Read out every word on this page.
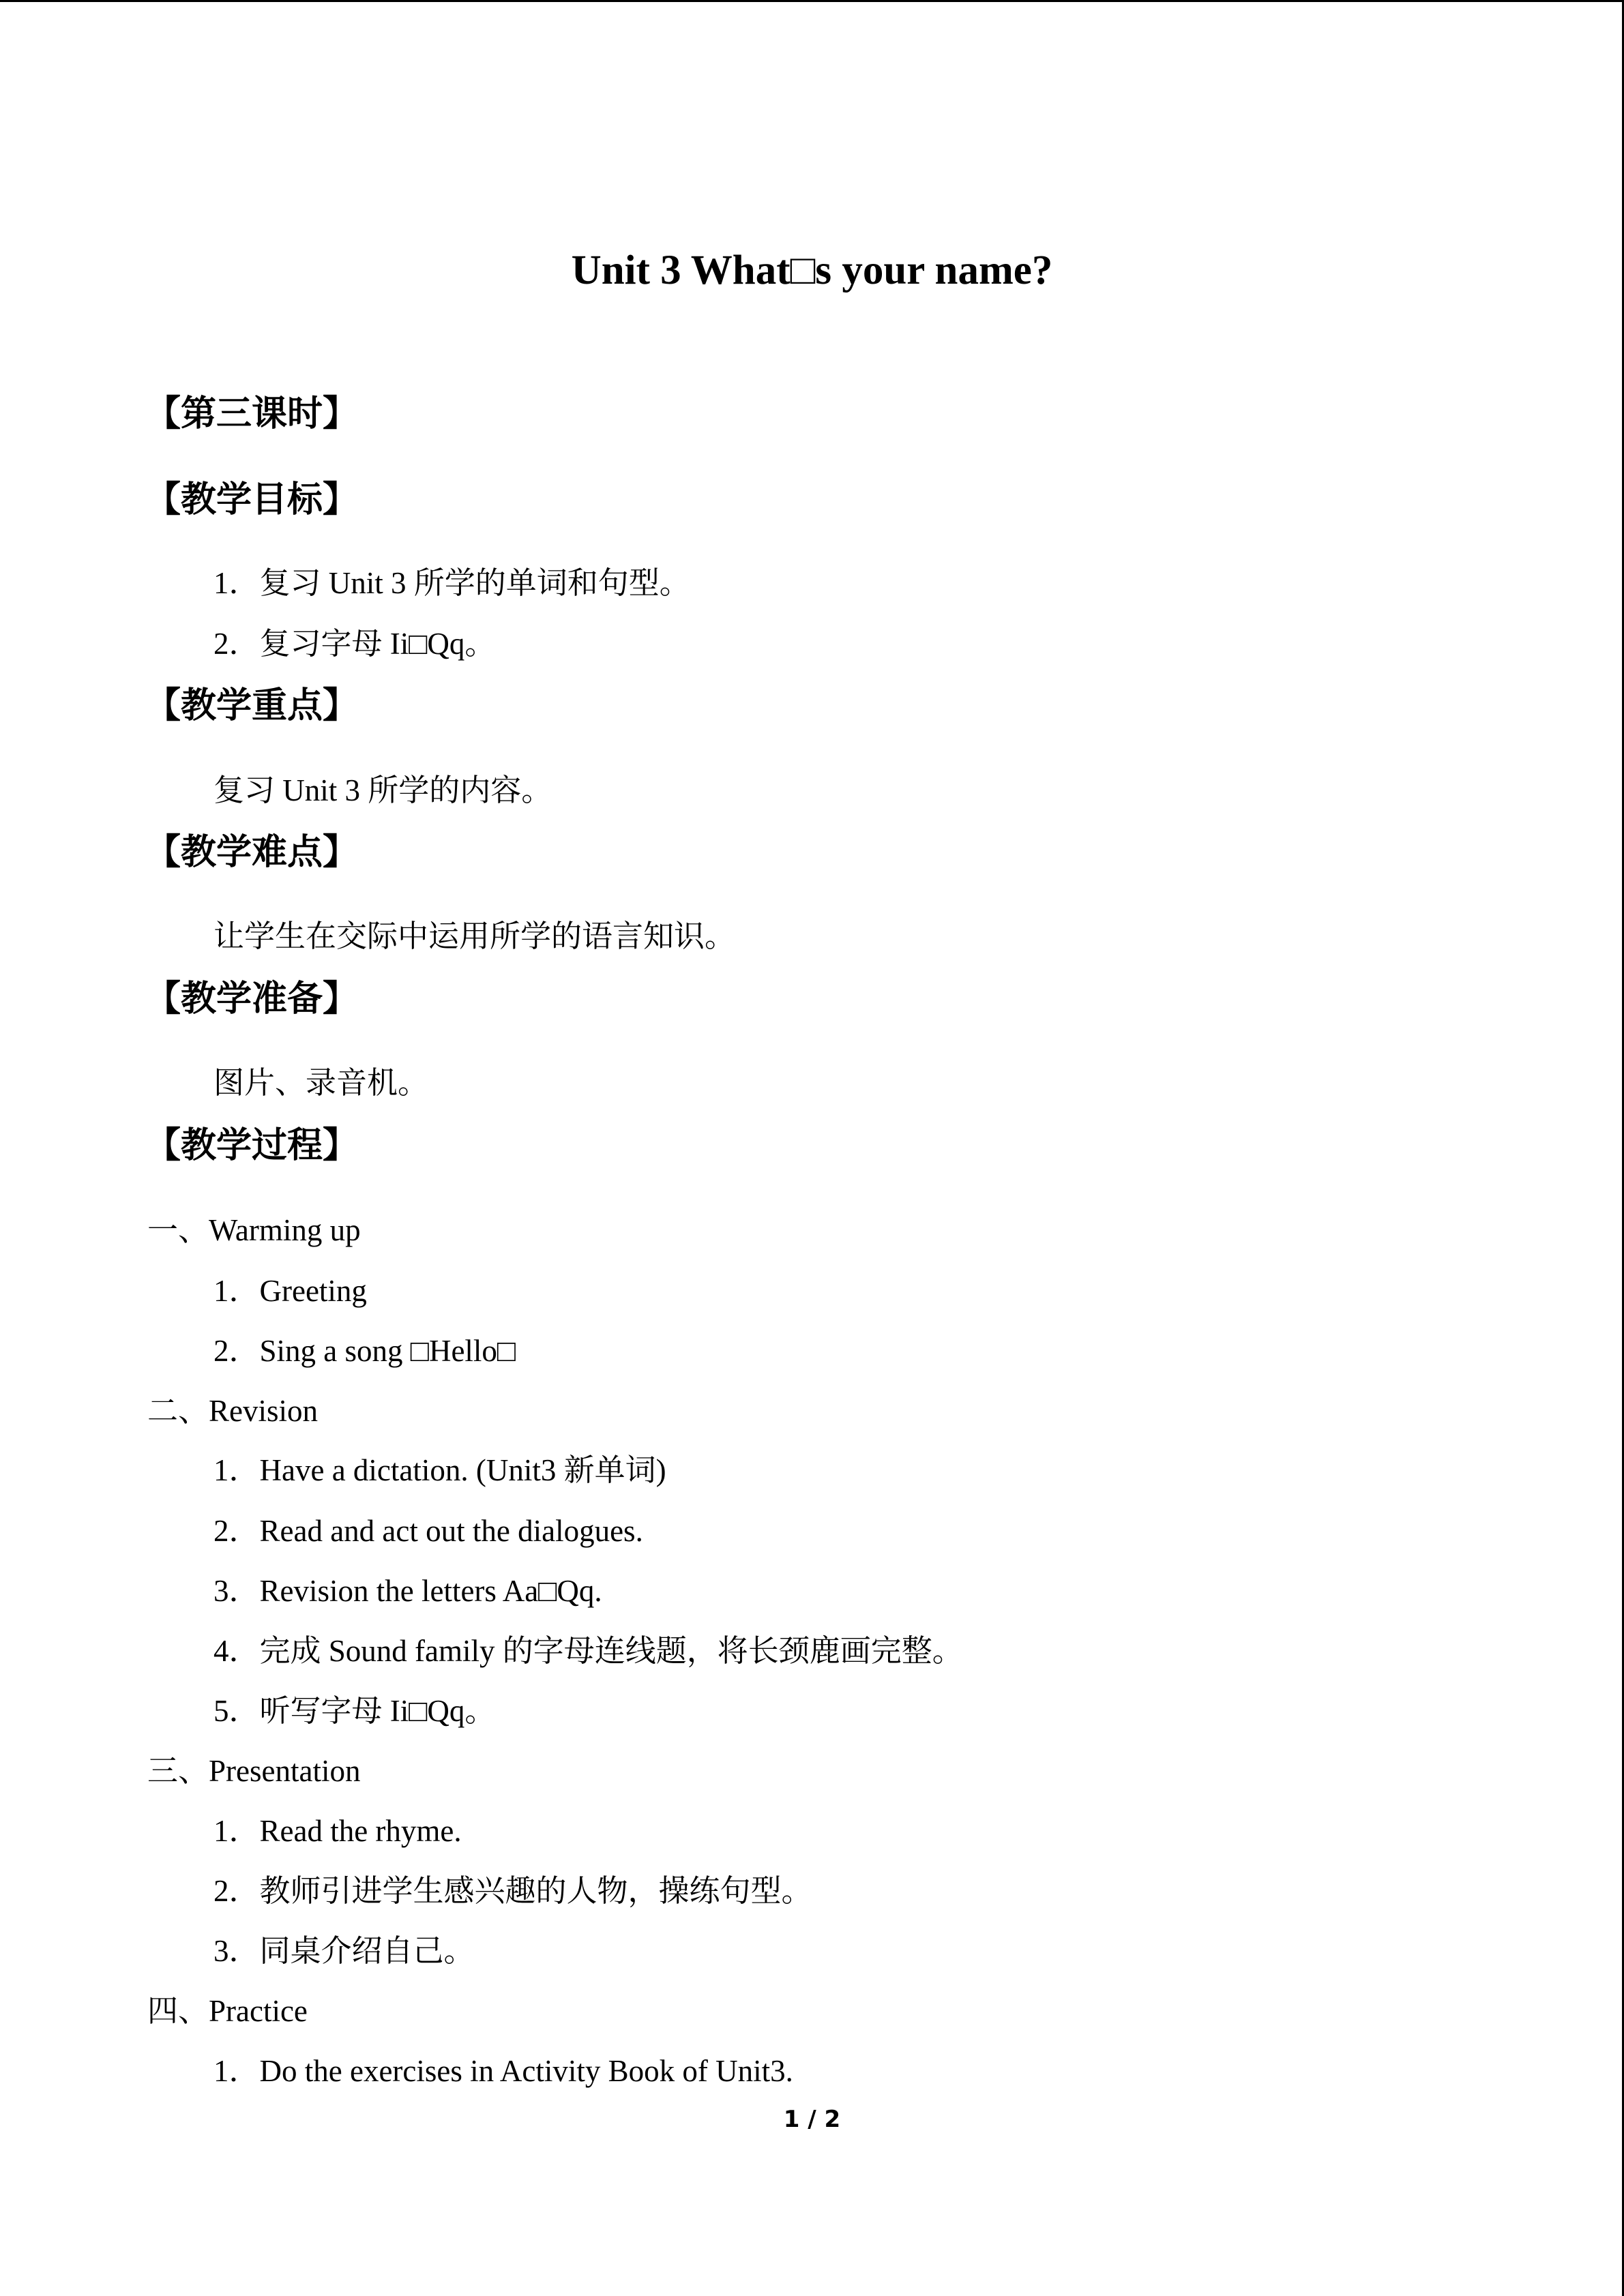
Unit 3 What□s your name?

【第三课时】

【教学目标】

1．复习 Unit 3 所学的单词和句型。

2．复习字母 Ii□Qq。

【教学重点】

复习 Unit 3 所学的内容。

【教学难点】

让学生在交际中运用所学的语言知识。

【教学准备】

图片、录音机。

【教学过程】

一、Warming up

1．Greeting

2．Sing a song □Hello□

二、Revision

1．Have a dictation. (Unit3 新单词)

2．Read and act out the dialogues.

3．Revision the letters Aa□Qq.

4．完成 Sound family 的字母连线题，将长颈鹿画完整。

5．听写字母 Ii□Qq。

三、Presentation

1．Read the rhyme.

2．教师引进学生感兴趣的人物，操练句型。

3．同桌介绍自己。

四、Practice

1．Do the exercises in Activity Book of Unit3.

1 / 2
